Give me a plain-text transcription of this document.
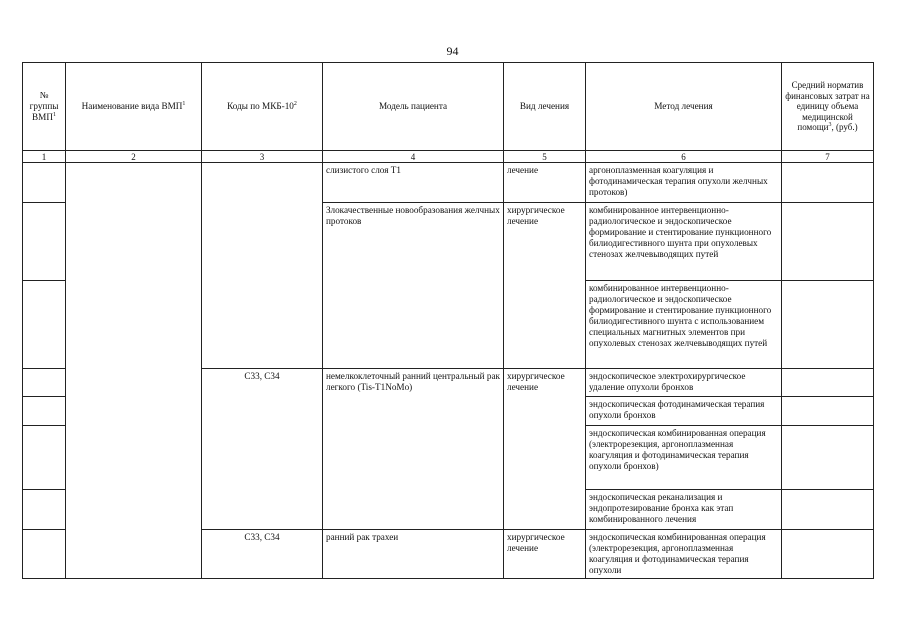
94
№ группы ВМП$^1$	Наименование вида ВМП$^1$	Коды по МКБ-$10^2$	Модель пациента	Вид лечения	Метод лечения	Средний норматив финансовых затрат на единицу объема медицинской помощи$^3$, (руб.)
1	2	3	4	5	6	7
			слизистого слоя Т1	лечение	аргоноплазменная коагуляция и фотодинамическая терапия опухоли желчных протоков)	
			Злокачественные новообразования желчных протоков	хирургическое лечение	комбинированное интервенционно-радиологическое и эндоскопическое формирование и стентирование пункционного билиодигестивного шунта при опухолевых стенозах желчевыводящих путей	
					комбинированное интервенционно-радиологическое и эндоскопическое формирование и стентирование пункционного билиодигестивного шунта с использованием специальных магнитных элементов при опухолевых стенозах желчевыводящих путей	
		С33, С34	немелкоклеточный ранний центральный рак легкого (Tis-T1NoMo)	хирургическое лечение	эндоскопическое электрохирургическое удаление опухоли бронхов	
					эндоскопическая фотодинамическая терапия опухоли бронхов	
					эндоскопическая комбинированная операция (электрорезекция, аргоноплазменная коагуляция и фотодинамическая терапия опухоли бронхов)	
					эндоскопическая реканализация и эндопротезирование бронха как этап комбинированного лечения	
		С33, С34	ранний рак трахеи	хирургическое лечение	эндоскопическая комбинированная операция (электрорезекция, аргоноплазменная коагуляция и фотодинамическая терапия опухоли	
